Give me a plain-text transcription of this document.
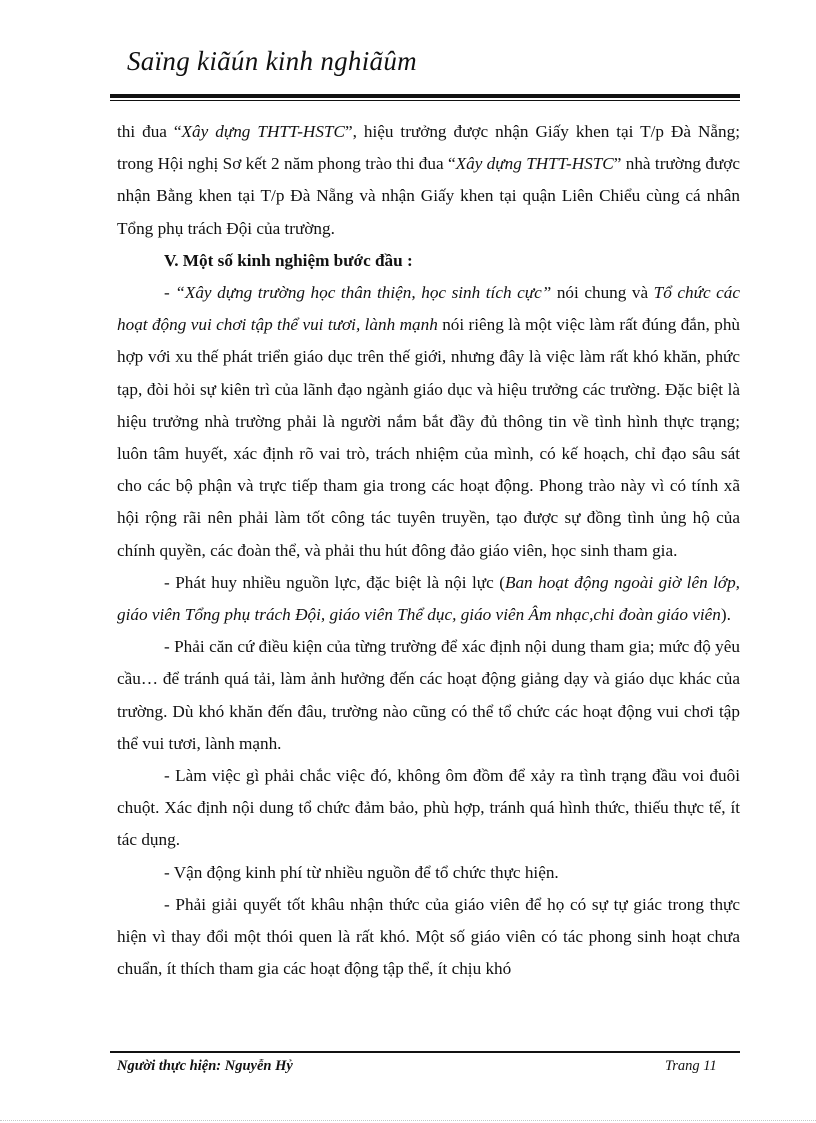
Saïng kiãún kinh nghiãûm

thi đua “Xây dựng THTT-HSTC”, hiệu trưởng được nhận Giấy khen tại T/p Đà Nẵng; trong Hội nghị Sơ kết 2 năm phong trào thi đua “Xây dựng THTT-HSTC” nhà trường được nhận Bằng khen tại T/p Đà Nẵng và nhận Giấy khen tại quận Liên Chiểu cùng cá nhân Tổng phụ trách Đội của trường.

V. Một số kinh nghiệm bước đầu :

- “Xây dựng trường học thân thiện, học sinh tích cực” nói chung và Tổ chức các hoạt động vui chơi tập thể vui tươi, lành mạnh nói riêng là một việc làm rất đúng đắn, phù hợp với xu thế phát triển giáo dục trên thế giới, nhưng đây là việc làm rất khó khăn, phức tạp, đòi hỏi sự kiên trì của lãnh đạo ngành giáo dục và hiệu trưởng các trường. Đặc biệt là hiệu trưởng nhà trường phải là người nắm bắt đầy đủ thông tin về tình hình thực trạng; luôn tâm huyết, xác định rõ vai trò, trách nhiệm của mình, có kế hoạch, chỉ đạo sâu sát cho các bộ phận và trực tiếp tham gia trong các hoạt động. Phong trào này vì có tính xã hội rộng rãi nên phải làm tốt công tác tuyên truyền, tạo được sự đồng tình ủng hộ của chính quyền, các đoàn thể, và phải thu hút đông đảo giáo viên, học sinh tham gia.

- Phát huy nhiều nguồn lực, đặc biệt là nội lực (Ban hoạt động ngoài giờ lên lớp, giáo viên Tổng phụ trách Đội, giáo viên Thể dục, giáo viên Âm nhạc,chi đoàn giáo viên).

- Phải căn cứ điều kiện của từng trường để xác định nội dung tham gia; mức độ yêu cầu… để tránh quá tải, làm ảnh hưởng đến các hoạt động giảng dạy và giáo dục khác của trường. Dù khó khăn đến đâu, trường nào cũng có thể tổ chức các hoạt động vui chơi tập thể vui tươi, lành mạnh.

- Làm việc gì phải chắc việc đó, không ôm đồm để xảy ra tình trạng đầu voi đuôi chuột. Xác định nội dung tổ chức đảm bảo, phù hợp, tránh quá hình thức, thiếu thực tế, ít tác dụng.

- Vận động kinh phí từ nhiều nguồn để tổ chức thực hiện.

- Phải giải quyết tốt khâu nhận thức của giáo viên để họ có sự tự giác trong thực hiện vì thay đổi một thói quen là rất khó. Một số giáo viên có tác phong sinh hoạt chưa chuẩn, ít thích tham gia các hoạt động tập thể, ít chịu khó

Người thực hiện: Nguyễn Hỷ	Trang 11
